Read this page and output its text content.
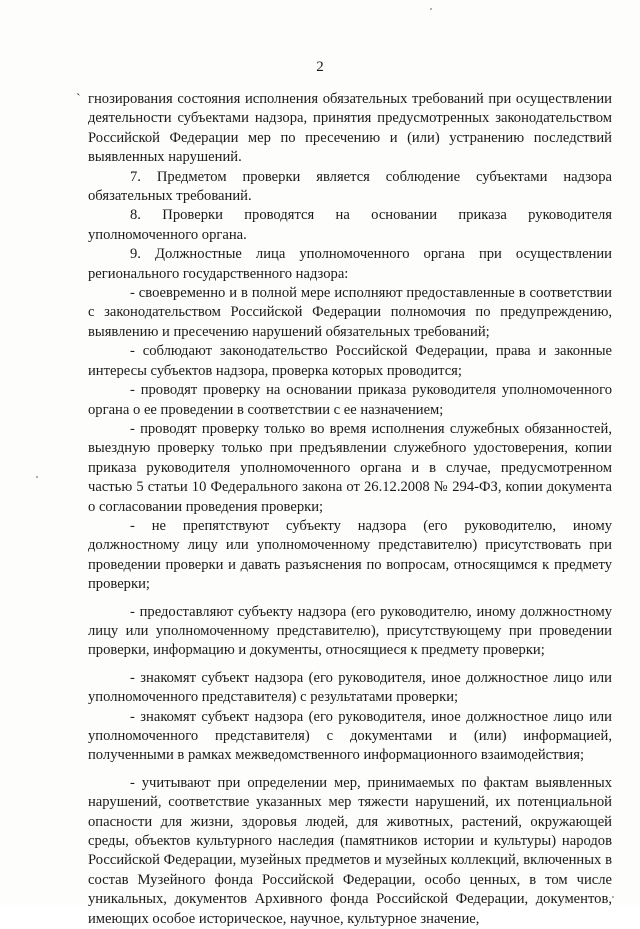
2
` гнозирования состояния исполнения обязательных требований при осуществлении деятельности субъектами надзора, принятия предусмотренных законодательством Российской Федерации мер по пресечению и (или) устранению последствий выявленных нарушений.

7. Предметом проверки является соблюдение субъектами надзора обязательных требований.

8. Проверки проводятся на основании приказа руководителя уполномоченного органа.

9. Должностные лица уполномоченного органа при осуществлении регионального государственного надзора:

- своевременно и в полной мере исполняют предоставленные в соответствии с законодательством Российской Федерации полномочия по предупреждению, выявлению и пресечению нарушений обязательных требований;

- соблюдают законодательство Российской Федерации, права и законные интересы субъектов надзора, проверка которых проводится;

- проводят проверку на основании приказа руководителя уполномоченного органа о ее проведении в соответствии с ее назначением;

- проводят проверку только во время исполнения служебных обязанностей, выездную проверку только при предъявлении служебного удостоверения, копии приказа руководителя уполномоченного органа и в случае, предусмотренном частью 5 статьи 10 Федерального закона от 26.12.2008 № 294-ФЗ, копии документа о согласовании проведения проверки;

- не препятствуют субъекту надзора (его руководителю, иному должностному лицу или уполномоченному представителю) присутствовать при проведении проверки и давать разъяснения по вопросам, относящимся к предмету проверки;

- предоставляют субъекту надзора (его руководителю, иному должностному лицу или уполномоченному представителю), присутствующему при проведении проверки, информацию и документы, относящиеся к предмету проверки;

- знакомят субъект надзора (его руководителя, иное должностное лицо или уполномоченного представителя) с результатами проверки;

- знакомят субъект надзора (его руководителя, иное должностное лицо или уполномоченного представителя) с документами и (или) информацией, полученными в рамках межведомственного информационного взаимодействия;

- учитывают при определении мер, принимаемых по фактам выявленных нарушений, соответствие указанных мер тяжести нарушений, их потенциальной опасности для жизни, здоровья людей, для животных, растений, окружающей среды, объектов культурного наследия (памятников истории и культуры) народов Российской Федерации, музейных предметов и музейных коллекций, включенных в состав Музейного фонда Российской Федерации, особо ценных, в том числе уникальных, документов Архивного фонда Российской Федерации, документов, имеющих особое историческое, научное, культурное значение,
